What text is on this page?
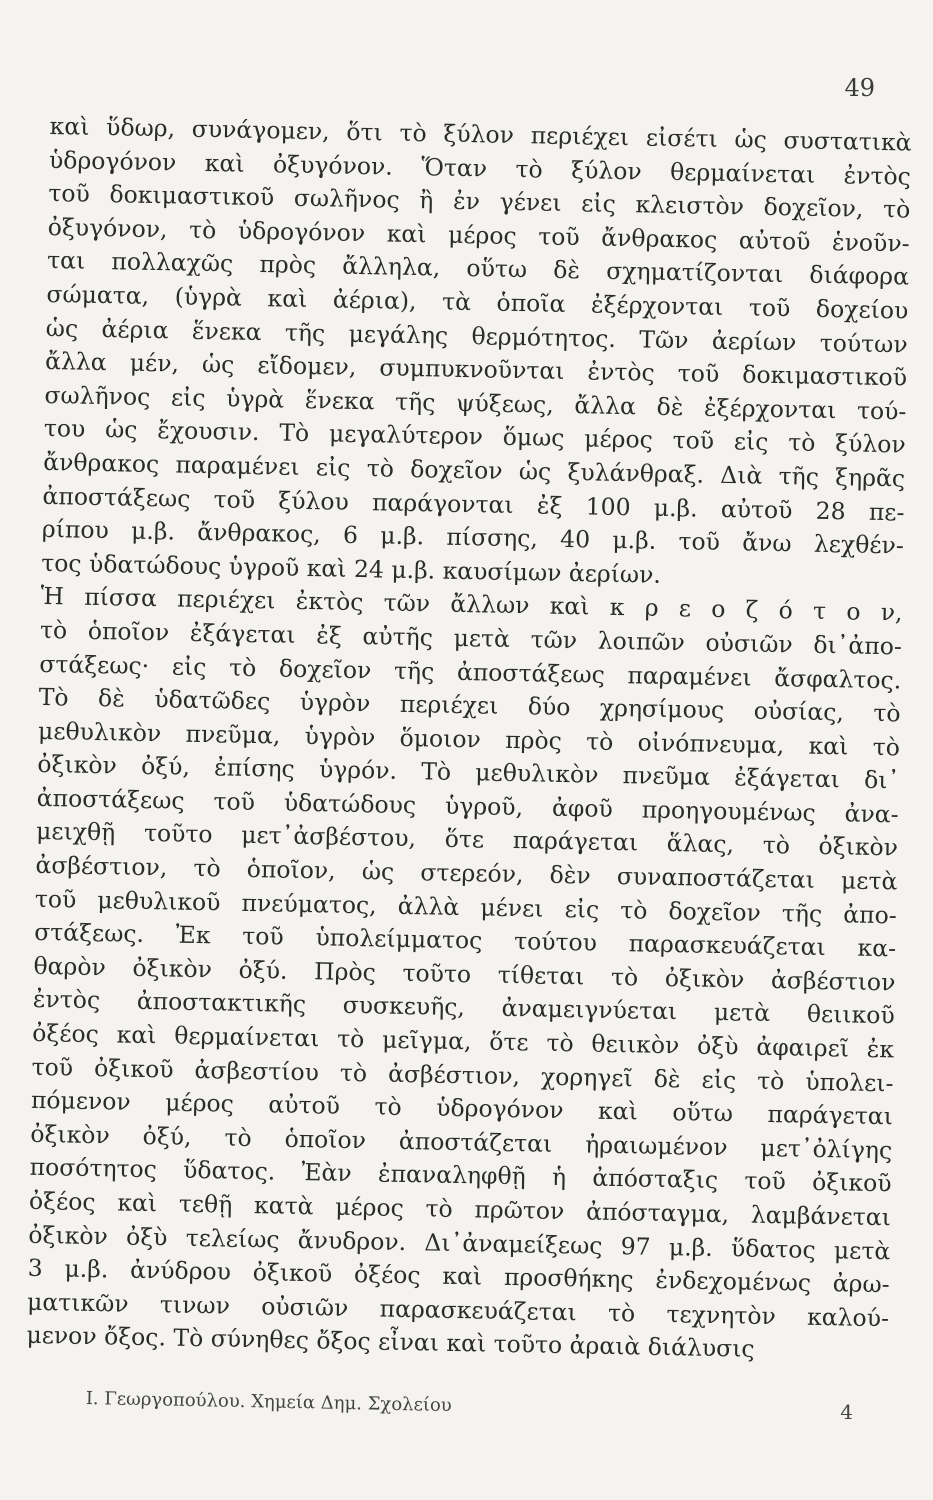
49
καὶ ὕδωρ, συνάγομεν, ὅτι τὸ ξύλον περιέχει εἰσέτι ὡς συστατικὰ
ὑδρογόνον καὶ ὀξυγόνον. Ὅταν τὸ ξύλον θερμαίνεται ἐντὸς
τοῦ δοκιμαστικοῦ σωλῆνος ἢ ἐν γένει εἰς κλειστὸν δοχεῖον, τὸ
ὀξυγόνον, τὸ ὑδρογόνον καὶ μέρος τοῦ ἄνθρακος αὐτοῦ ἑνοῦν-
ται πολλαχῶς πρὸς ἄλληλα, οὕτω δὲ σχηματίζονται διάφορα
σώματα, (ὑγρὰ καὶ ἀέρια), τὰ ὁποῖα ἐξέρχονται τοῦ δοχείου
ὡς ἀέρια ἕνεκα τῆς μεγάλης θερμότητος. Τῶν ἀερίων τούτων
ἄλλα μέν, ὡς εἴδομεν, συμπυκνοῦνται ἐντὸς τοῦ δοκιμαστικοῦ
σωλῆνος εἰς ὑγρὰ ἕνεκα τῆς ψύξεως, ἄλλα δὲ ἐξέρχονται τού-
του ὡς ἔχουσιν. Τὸ μεγαλύτερον ὅμως μέρος τοῦ εἰς τὸ ξύλον
ἄνθρακος παραμένει εἰς τὸ δοχεῖον ὡς ξυλάνθραξ. Διὰ τῆς ξηρᾶς
ἀποστάξεως τοῦ ξύλου παράγονται ἐξ 100 μ.β. αὐτοῦ 28 πε-
ρίπου μ.β. ἄνθρακος, 6 μ.β. πίσσης, 40 μ.β. τοῦ ἄνω λεχθέν-
τος ὑδατώδους ὑγροῦ καὶ 24 μ.β. καυσίμων ἀερίων.
Ἡ πίσσα περιέχει ἐκτὸς τῶν ἄλλων καὶ κ ρ ε ο ζ ό τ ο ν,
τὸ ὁποῖον ἐξάγεται ἐξ αὐτῆς μετὰ τῶν λοιπῶν οὐσιῶν δι᾽ἀπο-
στάξεως· εἰς τὸ δοχεῖον τῆς ἀποστάξεως παραμένει ἄσφαλτος.
Τὸ δὲ ὑδατῶδες ὑγρὸν περιέχει δύο χρησίμους οὐσίας, τὸ
μεθυλικὸν πνεῦμα, ὑγρὸν ὅμοιον πρὸς τὸ οἰνόπνευμα, καὶ τὸ
ὀξικὸν ὀξύ, ἐπίσης ὑγρόν. Τὸ μεθυλικὸν πνεῦμα ἐξάγεται δι᾽
ἀποστάξεως τοῦ ὑδατώδους ὑγροῦ, ἀφοῦ προηγουμένως ἀνα-
μειχθῇ τοῦτο μετ᾽ἀσβέστου, ὅτε παράγεται ἅλας, τὸ ὀξικὸν
ἀσβέστιον, τὸ ὁποῖον, ὡς στερεόν, δὲν συναποστάζεται μετὰ
τοῦ μεθυλικοῦ πνεύματος, ἀλλὰ μένει εἰς τὸ δοχεῖον τῆς ἀπο-
στάξεως. Ἐκ τοῦ ὑπολείμματος τούτου παρασκευάζεται κα-
θαρὸν ὀξικὸν ὀξύ. Πρὸς τοῦτο τίθεται τὸ ὀξικὸν ἀσβέστιον
ἐντὸς ἀποστακτικῆς συσκευῆς, ἀναμειγνύεται μετὰ θειικοῦ
ὀξέος καὶ θερμαίνεται τὸ μεῖγμα, ὅτε τὸ θειικὸν ὀξὺ ἀφαιρεῖ ἐκ
τοῦ ὀξικοῦ ἀσβεστίου τὸ ἀσβέστιον, χορηγεῖ δὲ εἰς τὸ ὑπολει-
πόμενον μέρος αὐτοῦ τὸ ὑδρογόνον καὶ οὕτω παράγεται
ὀξικὸν ὀξύ, τὸ ὁποῖον ἀποστάζεται ἠραιωμένον μετ᾽ὀλίγης
ποσότητος ὕδατος. Ἐὰν ἐπαναληφθῇ ἡ ἀπόσταξις τοῦ ὀξικοῦ
ὀξέος καὶ τεθῇ κατὰ μέρος τὸ πρῶτον ἀπόσταγμα, λαμβάνεται
ὀξικὸν ὀξὺ τελείως ἄνυδρον. Δι᾽ἀναμείξεως 97 μ.β. ὕδατος μετὰ
3 μ.β. ἀνύδρου ὀξικοῦ ὀξέος καὶ προσθήκης ἐνδεχομένως ἀρω-
ματικῶν τινων οὐσιῶν παρασκευάζεται τὸ τεχνητὸν καλού-
μενον ὄξος. Τὸ σύνηθες ὄξος εἶναι καὶ τοῦτο ἀραιὰ διάλυσις
Ι. Γεωργοπούλου. Χημεία Δημ. Σχολείου	4
